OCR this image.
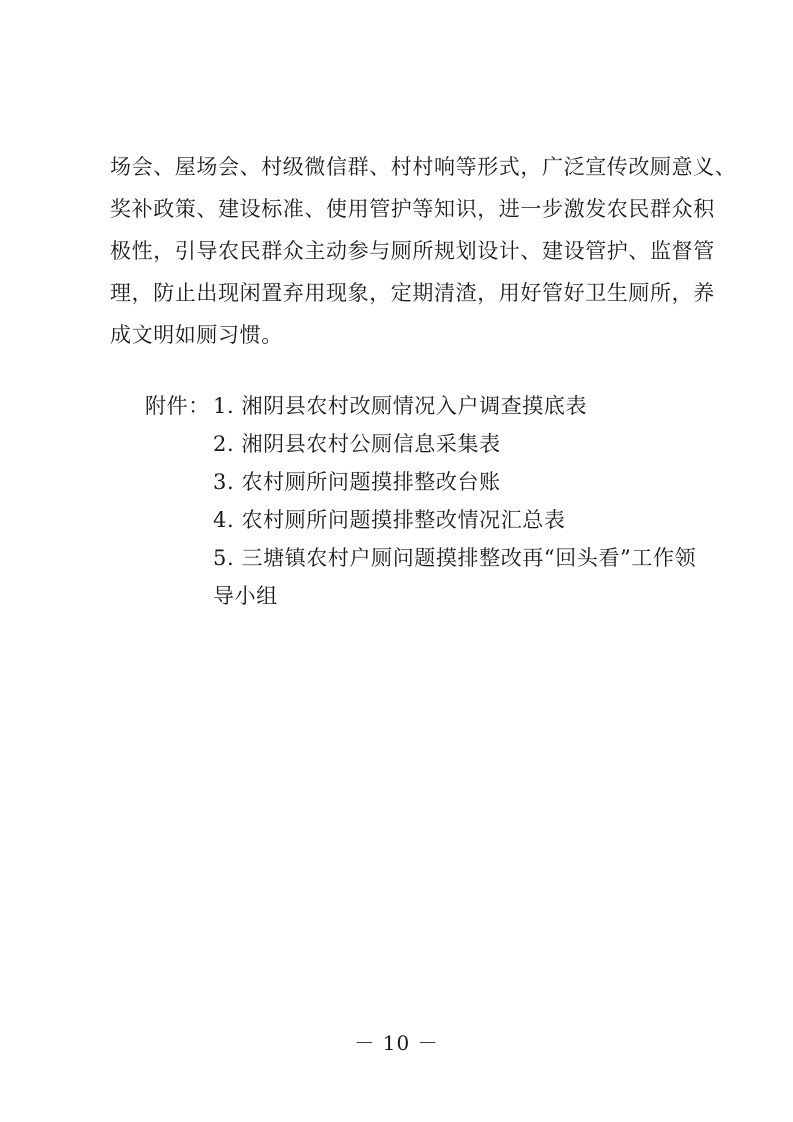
场会、屋场会、村级微信群、村村响等形式，广泛宣传改厕意义、
奖补政策、建设标准、使用管护等知识，进一步激发农民群众积
极性，引导农民群众主动参与厕所规划设计、建设管护、监督管
理，防止出现闲置弃用现象，定期清渣，用好管好卫生厕所，养
成文明如厕习惯。
附件： 1. 湘阴县农村改厕情况入户调查摸底表
2. 湘阴县农村公厕信息采集表
3. 农村厕所问题摸排整改台账
4. 农村厕所问题摸排整改情况汇总表
5. 三塘镇农村户厕问题摸排整改再“回头看”工作领
导小组
－ 10 －
